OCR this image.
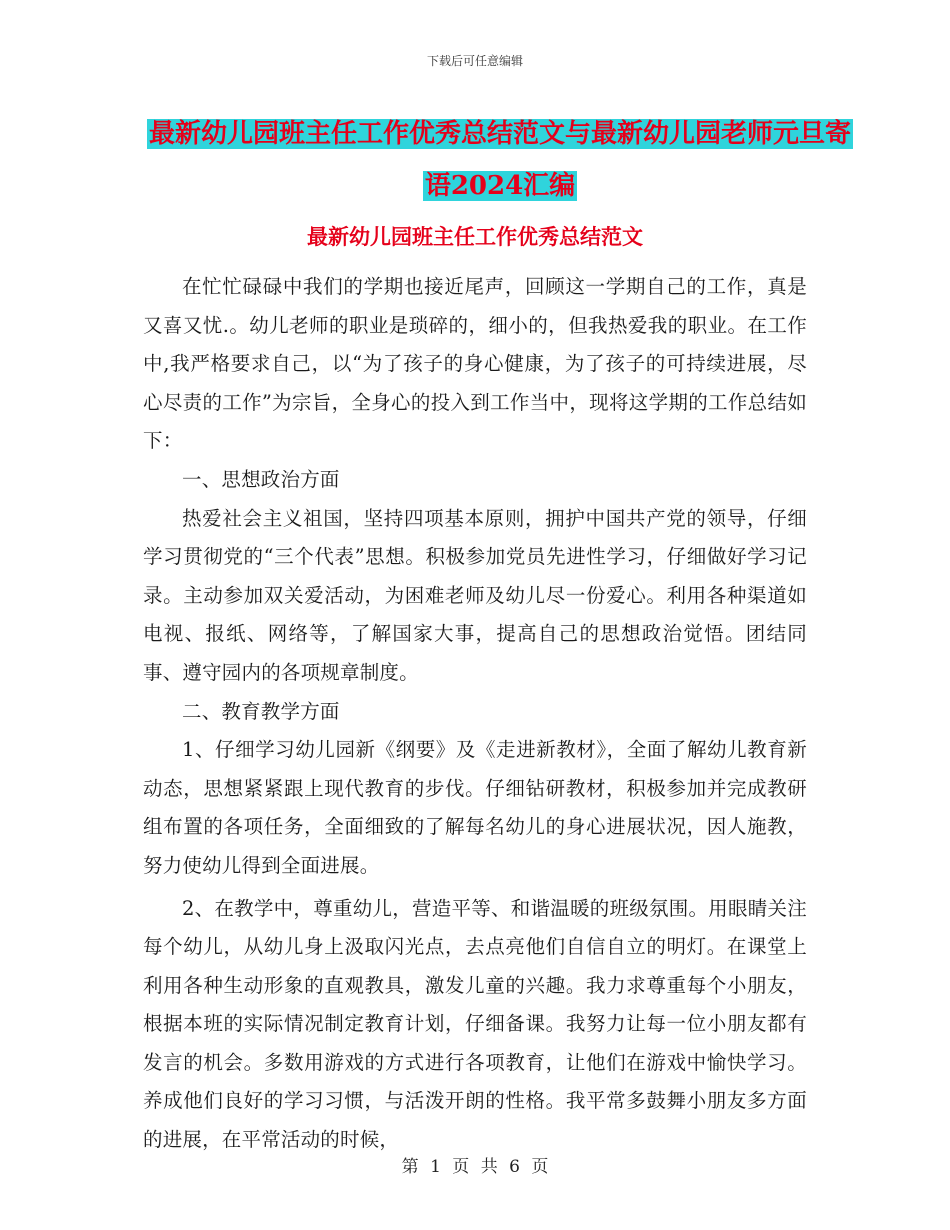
下载后可任意编辑
最新幼儿园班主任工作优秀总结范文与最新幼儿园老师元旦寄语2024汇编
最新幼儿园班主任工作优秀总结范文

在忙忙碌碌中我们的学期也接近尾声，回顾这一学期自己的工作，真是又喜又忧.。幼儿老师的职业是琐碎的，细小的，但我热爱我的职业。在工作中,我严格要求自己，以“为了孩子的身心健康，为了孩子的可持续进展，尽心尽责的工作”为宗旨，全身心的投入到工作当中，现将这学期的工作总结如下：

一、思想政治方面

热爱社会主义祖国，坚持四项基本原则，拥护中国共产党的领导，仔细学习贯彻党的“三个代表”思想。积极参加党员先进性学习，仔细做好学习记录。主动参加双关爱活动，为困难老师及幼儿尽一份爱心。利用各种渠道如电视、报纸、网络等，了解国家大事，提高自己的思想政治觉悟。团结同事、遵守园内的各项规章制度。

二、教育教学方面

1、仔细学习幼儿园新《纲要》及《走进新教材》，全面了解幼儿教育新动态，思想紧紧跟上现代教育的步伐。仔细钻研教材，积极参加并完成教研组布置的各项任务，全面细致的了解每名幼儿的身心进展状况，因人施教，努力使幼儿得到全面进展。

2、在教学中，尊重幼儿，营造平等、和谐温暖的班级氛围。用眼睛关注每个幼儿，从幼儿身上汲取闪光点，去点亮他们自信自立的明灯。在课堂上利用各种生动形象的直观教具，激发儿童的兴趣。我力求尊重每个小朋友，根据本班的实际情况制定教育计划，仔细备课。我努力让每一位小朋友都有发言的机会。多数用游戏的方式进行各项教育，让他们在游戏中愉快学习。养成他们良好的学习习惯，与活泼开朗的性格。我平常多鼓舞小朋友多方面的进展，在平常活动的时候，

第 1 页 共 6 页
